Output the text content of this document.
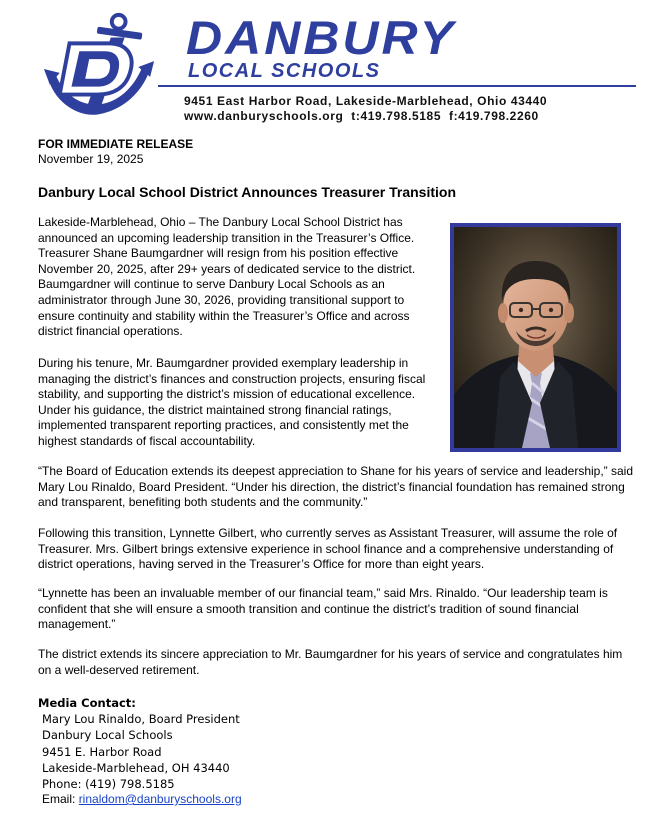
DANBURY
LOCAL SCHOOLS
9451 East Harbor Road, Lakeside-Marblehead, Ohio 43440
www.danburyschools.org  t:419.798.5185  f:419.798.2260
FOR IMMEDIATE RELEASE
November 19, 2025
Danbury Local School District Announces Treasurer Transition

Lakeside-Marblehead, Ohio – The Danbury Local School District has announced an upcoming leadership transition in the Treasurer’s Office. Treasurer Shane Baumgardner will resign from his position effective November 20, 2025, after 29+ years of dedicated service to the district. Baumgardner will continue to serve Danbury Local Schools as an administrator through June 30, 2026, providing transitional support to ensure continuity and stability within the Treasurer’s Office and across district financial operations.

During his tenure, Mr. Baumgardner provided exemplary leadership in managing the district’s finances and construction projects, ensuring fiscal stability, and supporting the district’s mission of educational excellence. Under his guidance, the district maintained strong financial ratings, implemented transparent reporting practices, and consistently met the highest standards of fiscal accountability.

“The Board of Education extends its deepest appreciation to Shane for his years of service and leadership,” said Mary Lou Rinaldo, Board President. “Under his direction, the district’s financial foundation has remained strong and transparent, benefiting both students and the community.”

Following this transition, Lynnette Gilbert, who currently serves as Assistant Treasurer, will assume the role of Treasurer. Mrs. Gilbert brings extensive experience in school finance and a comprehensive understanding of district operations, having served in the Treasurer’s Office for more than eight years.

“Lynnette has been an invaluable member of our financial team,” said Mrs. Rinaldo. “Our leadership team is confident that she will ensure a smooth transition and continue the district’s tradition of sound financial management.”

The district extends its sincere appreciation to Mr. Baumgardner for his years of service and congratulates him on a well-deserved retirement.

Media Contact:
Mary Lou Rinaldo, Board President
Danbury Local Schools
9451 E. Harbor Road
Lakeside-Marblehead, OH 43440
Phone: (419) 798.5185
Email: rinaldom@danburyschools.org
